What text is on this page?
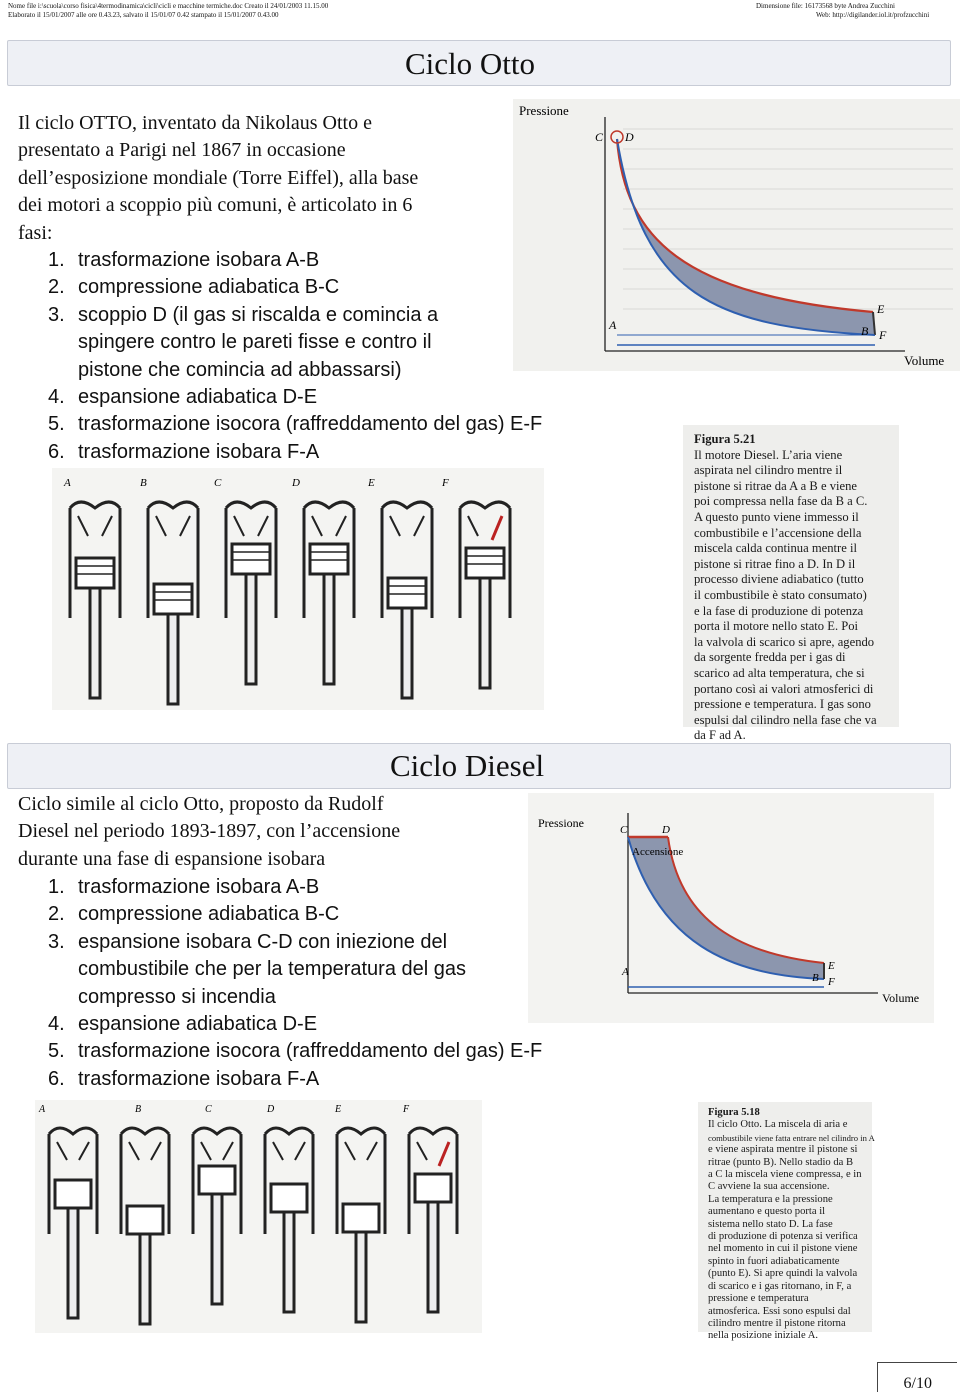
Nome file i:\scuola\corso fisica\4termodinamica\cicli\cicli e macchine termiche.doc Creato il 24/01/2003 11.15.00
Elaborato il 15/01/2007 alle ore 0.43.23, salvato il 15/01/07 0.42 stampato il 15/01/2007 0.43.00
Dimensione file: 16173568 byte Andrea Zucchini
Web: http://digilander.iol.it/profzucchini
Ciclo Otto
Il ciclo OTTO, inventato da Nikolaus Otto e
presentato a Parigi nel 1867 in occasione
dell’esposizione mondiale (Torre Eiffel), alla base
dei motori a scoppio più comuni, è articolato in 6
fasi:
1. trasformazione isobara A-B
2. compressione adiabatica B-C
3. scoppio D (il gas si riscalda e comincia a
spingere contro le pareti fisse e contro il
pistone che comincia ad abbassarsi)
4. espansione adiabatica D-E
5. trasformazione isocora (raffreddamento del gas) E-F
6. trasformazione isobara F-A
Pressione
Volume
C D
E
B F
A
A	B	C	D	E	F
Figura 5.21
Il motore Diesel. L’aria viene
aspirata nel cilindro mentre il
pistone si ritrae da A a B e viene
poi compressa nella fase da B a C.
A questo punto viene immesso il
combustibile e l’accensione della
miscela calda continua mentre il
pistone si ritrae fino a D. In D il
processo diviene adiabatico (tutto
il combustibile è stato consumato)
e la fase di produzione di potenza
porta il motore nello stato E. Poi
la valvola di scarico si apre, agendo
da sorgente fredda per i gas di
scarico ad alta temperatura, che si
portano così ai valori atmosferici di
pressione e temperatura. I gas sono
espulsi dal cilindro nella fase che va
da F ad A.
Ciclo Diesel
Ciclo simile al ciclo Otto, proposto da Rudolf
Diesel nel periodo 1893-1897, con l’accensione
durante una fase di espansione isobara
1. trasformazione isobara A-B
2. compressione adiabatica B-C
3. espansione isobara C-D con iniezione del
combustibile che per la temperatura del gas
compresso si incendia
4. espansione adiabatica D-E
5. trasformazione isocora (raffreddamento del gas) E-F
6. trasformazione isobara F-A
Pressione
Volume
Accensione
C	D
E
B F
A
A	B	C	D	E	F	Figura 5.18
Il ciclo Otto. La miscela di aria e
combustibile viene fatta entrare nel cilindro in A
e viene aspirata mentre il pistone si
ritrae (punto B). Nello stadio da B
a C la miscela viene compressa, e in
C avviene la sua accensione.
La temperatura e la pressione
aumentano e questo porta il
sistema nello stato D. La fase
di produzione di potenza si verifica
nel momento in cui il pistone viene
spinto in fuori adiabaticamente
(punto E). Si apre quindi la valvola
di scarico e i gas ritornano, in F, a
pressione e temperatura
atmosferica. Essi sono espulsi dal
cilindro mentre il pistone ritorna
nella posizione iniziale A.
6/10
